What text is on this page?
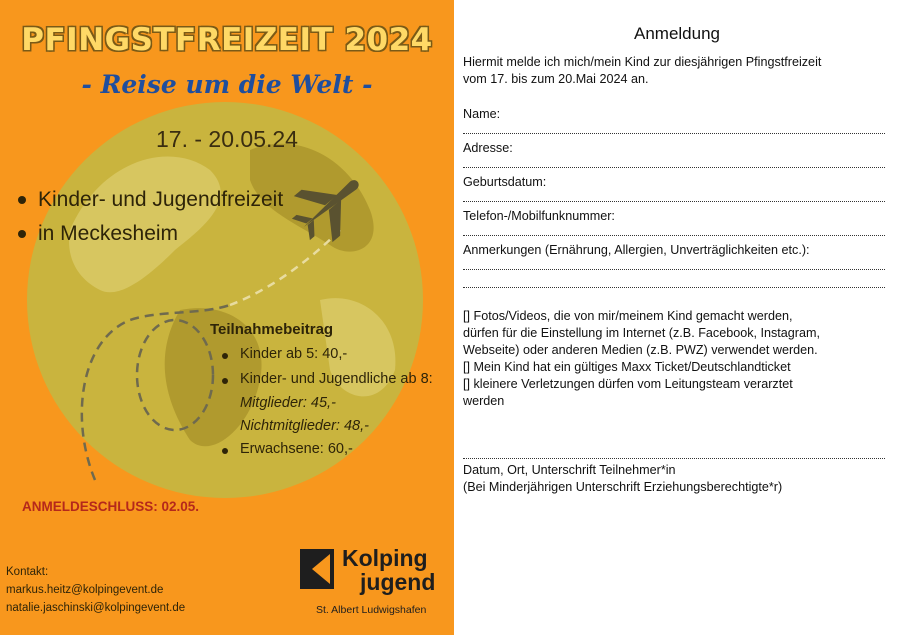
PFINGSTFREIZEIT 2024
- Reise um die Welt -
17. - 20.05.24
Kinder- und Jugendfreizeit
in Meckesheim
Teilnahmebeitrag
Kinder ab 5: 40,-
Kinder- und Jugendliche ab 8:
Mitglieder: 45,-
Nichtmitglieder: 48,-
Erwachsene: 60,-
ANMELDESCHLUSS: 02.05.
Kontakt:
markus.heitz@kolpingevent.de
natalie.jaschinski@kolpingevent.de
Kolping
jugend
St. Albert Ludwigshafen
Anmeldung
Hiermit melde ich mich/mein Kind zur diesjährigen Pfingstfreizeit
vom 17. bis zum 20.Mai 2024 an.
Name:
Adresse:
Geburtsdatum:
Telefon-/Mobilfunknummer:
Anmerkungen (Ernährung, Allergien, Unverträglichkeiten etc.):
[] Fotos/Videos, die von mir/meinem Kind gemacht werden,
dürfen für die Einstellung im Internet (z.B. Facebook, Instagram,
Webseite) oder anderen Medien (z.B. PWZ) verwendet werden.
[] Mein Kind hat ein gültiges Maxx Ticket/Deutschlandticket
[] kleinere Verletzungen dürfen vom Leitungsteam verarztet
werden
Datum, Ort, Unterschrift Teilnehmer*in
(Bei Minderjährigen Unterschrift Erziehungsberechtigte*r)
